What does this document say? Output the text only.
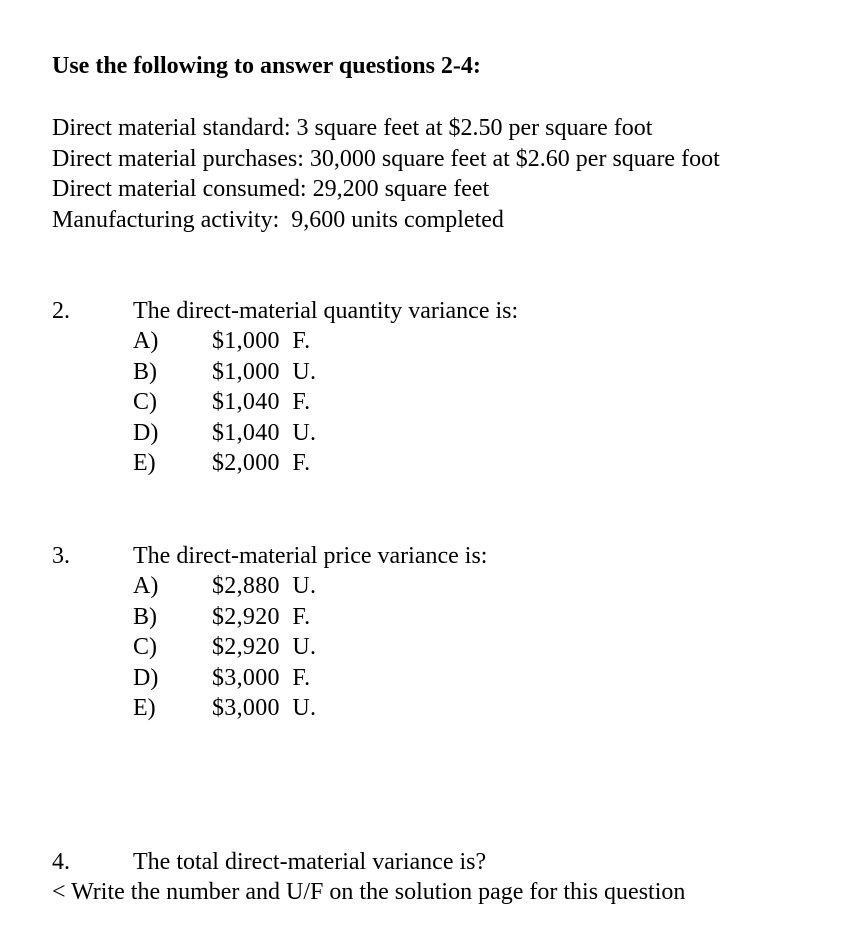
Use the following to answer questions 2-4:
Direct material standard: 3 square feet at $2.50 per square foot
Direct material purchases: 30,000 square feet at $2.60 per square foot
Direct material consumed: 29,200 square feet
Manufacturing activity:  9,600 units completed
2.	The direct-material quantity variance is:
A) $1,000  F.
B) $1,000  U.
C) $1,040  F.
D) $1,040  U.
E) $2,000  F.
3.	The direct-material price variance is:
A) $2,880  U.
B) $2,920  F.
C) $2,920  U.
D) $3,000  F.
E) $3,000  U.
4.	The total direct-material variance is?
< Write the number and U/F on the solution page for this question
